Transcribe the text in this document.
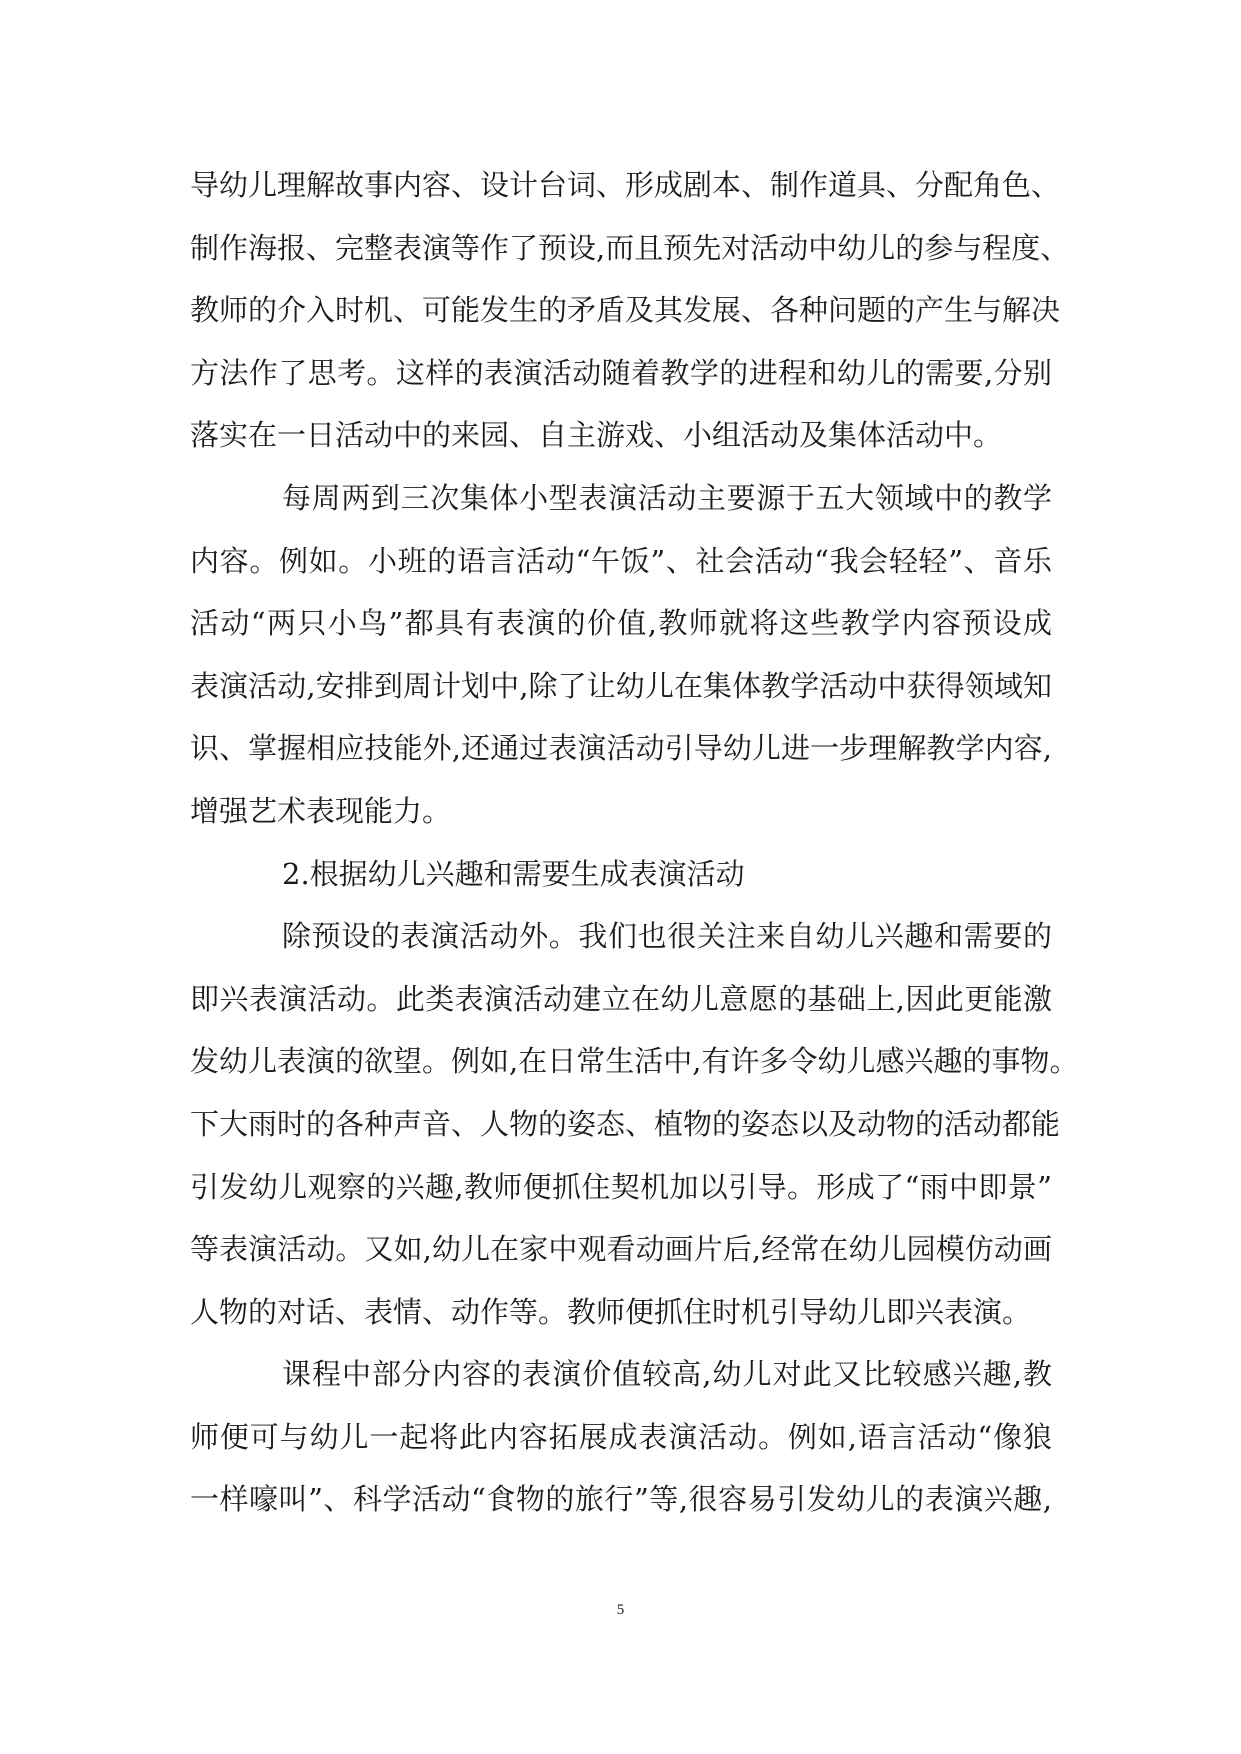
导幼儿理解故事内容、设计台词、形成剧本、制作道具、分配角色、
制作海报、完整表演等作了预设,而且预先对活动中幼儿的参与程度、
教师的介入时机、可能发生的矛盾及其发展、各种问题的产生与解决
方法作了思考。这样的表演活动随着教学的进程和幼儿的需要,分别
落实在一日活动中的来园、自主游戏、小组活动及集体活动中。
每周两到三次集体小型表演活动主要源于五大领域中的教学
内容。例如。小班的语言活动“午饭”、社会活动“我会轻轻”、音乐
活动“两只小鸟”都具有表演的价值,教师就将这些教学内容预设成
表演活动,安排到周计划中,除了让幼儿在集体教学活动中获得领域知
识、掌握相应技能外,还通过表演活动引导幼儿进一步理解教学内容,
增强艺术表现能力。
2.根据幼儿兴趣和需要生成表演活动
除预设的表演活动外。我们也很关注来自幼儿兴趣和需要的
即兴表演活动。此类表演活动建立在幼儿意愿的基础上,因此更能激
发幼儿表演的欲望。例如,在日常生活中,有许多令幼儿感兴趣的事物。
下大雨时的各种声音、人物的姿态、植物的姿态以及动物的活动都能
引发幼儿观察的兴趣,教师便抓住契机加以引导。形成了“雨中即景”
等表演活动。又如,幼儿在家中观看动画片后,经常在幼儿园模仿动画
人物的对话、表情、动作等。教师便抓住时机引导幼儿即兴表演。
课程中部分内容的表演价值较高,幼儿对此又比较感兴趣,教
师便可与幼儿一起将此内容拓展成表演活动。例如,语言活动“像狼
一样嚎叫”、科学活动“食物的旅行”等,很容易引发幼儿的表演兴趣,
5
